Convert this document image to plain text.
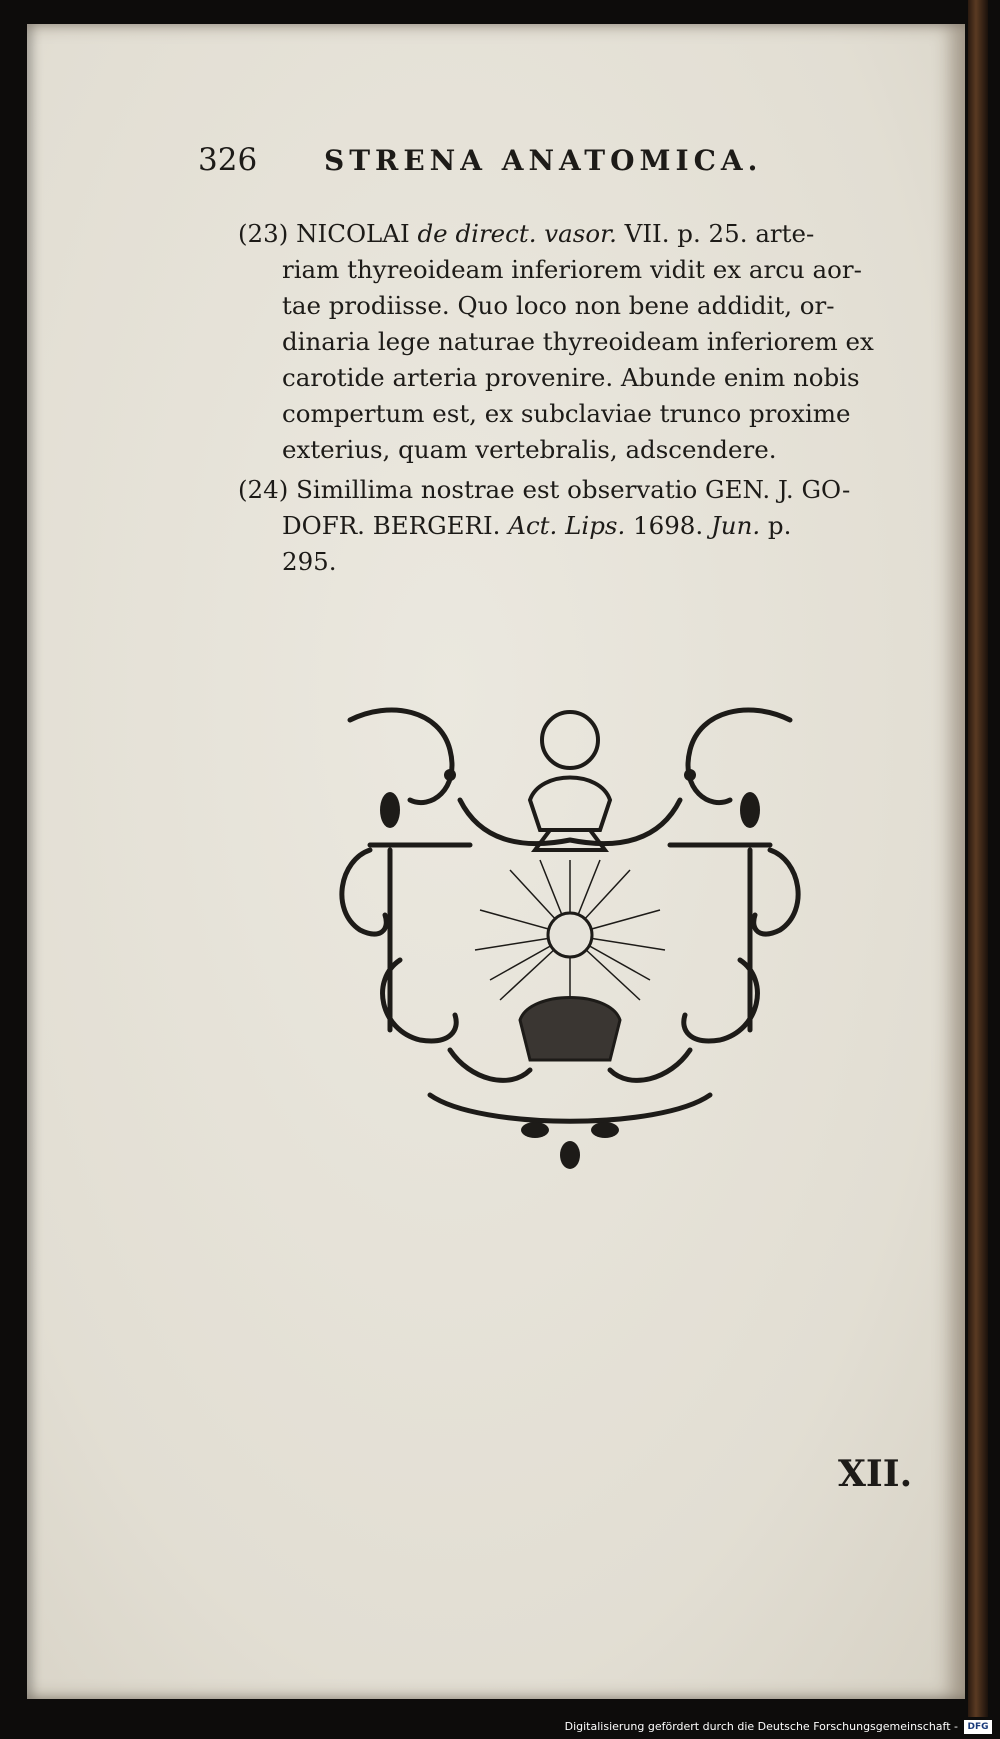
326 STRENA ANATOMICA.

(23) NICOLAI de direct. vasor. VII. p. 25. arte-
riam thyreoideam inferiorem vidit ex arcu aor-
tae prodiisse. Quo loco non bene addidit, or-
dinaria lege naturae thyreoideam inferiorem ex
carotide arteria provenire. Abunde enim nobis
compertum est, ex subclaviae trunco proxime
exterius, quam vertebralis, adscendere.

(24) Simillima nostrae est observatio GEN. J. GO-
DOFR. BERGERI. Act. Lips. 1698. Jun. p.
295.

XII.
Digitalisierung gefördert durch die Deutsche Forschungsgemeinschaft -	DFG
